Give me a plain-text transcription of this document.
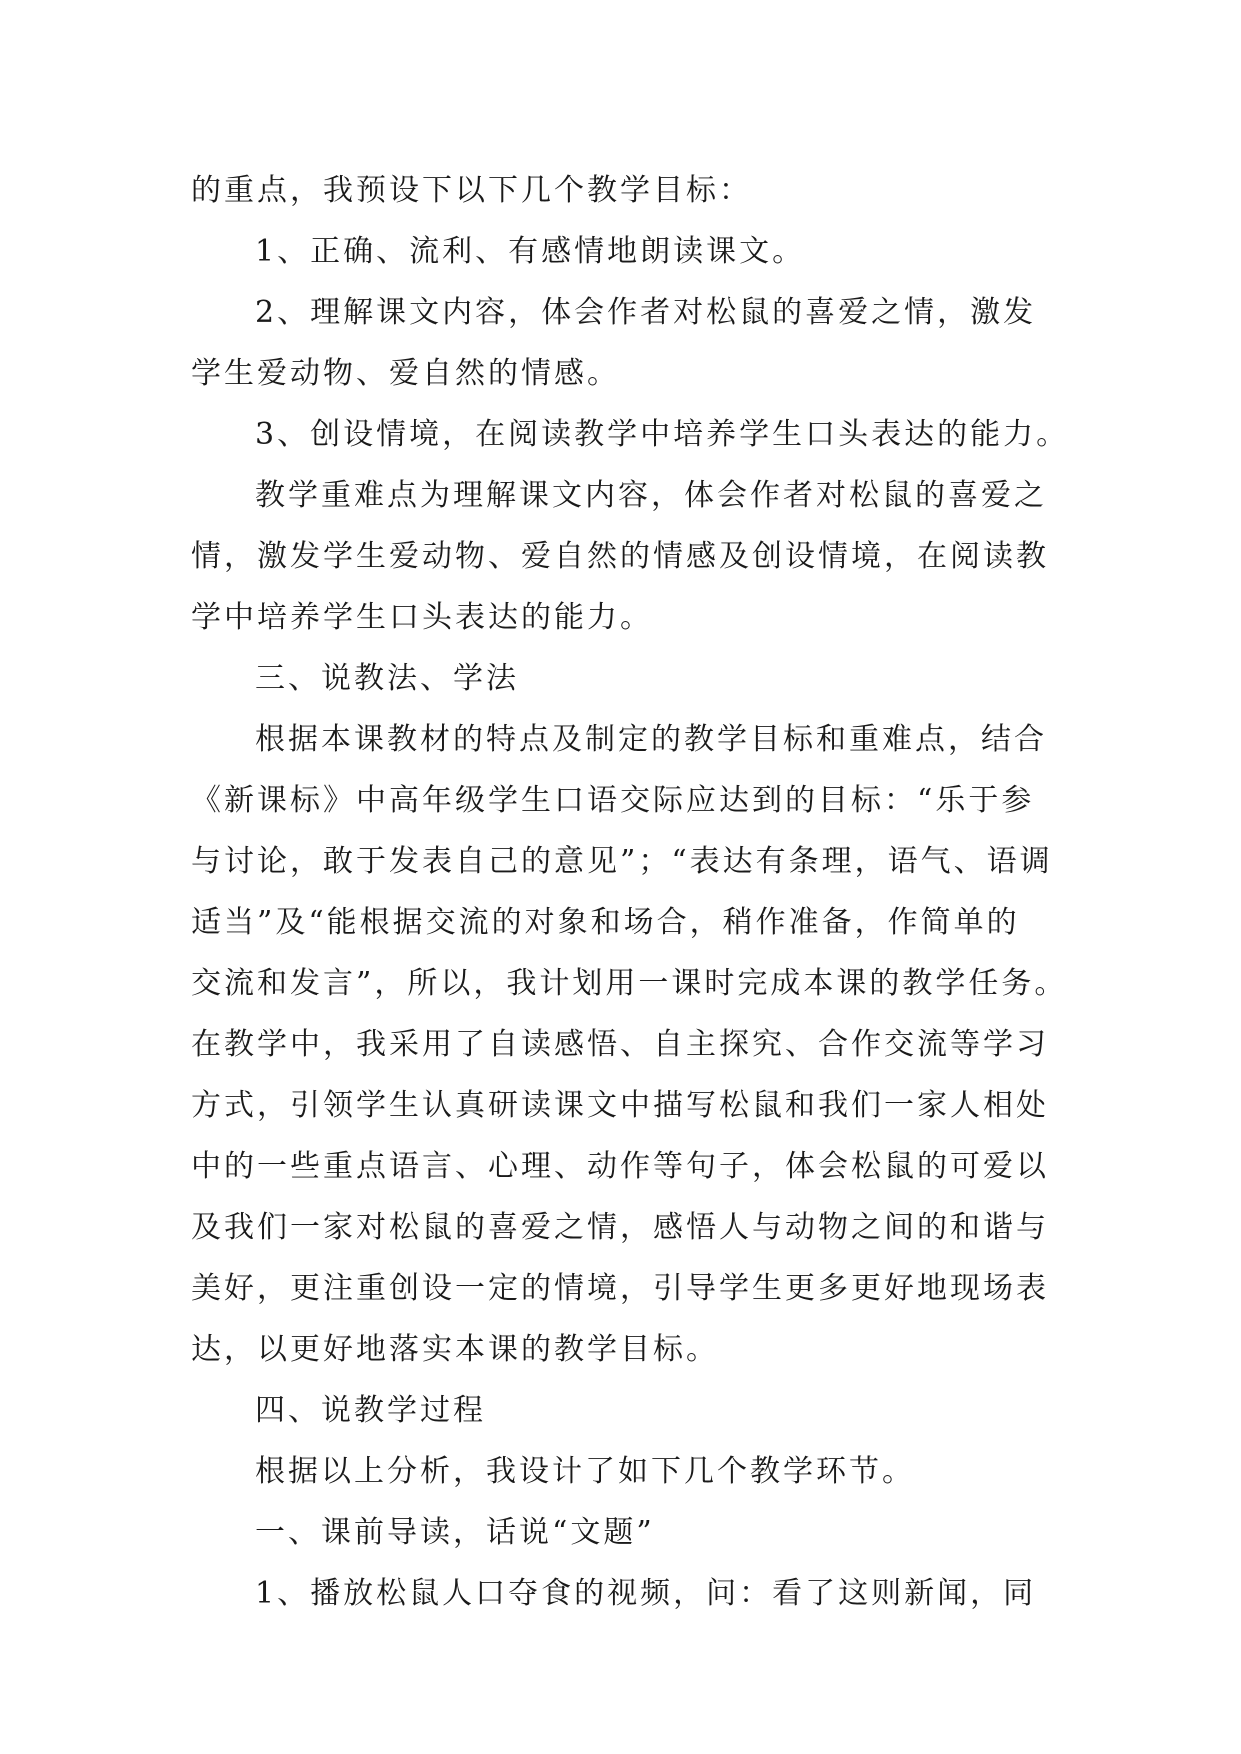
的重点，我预设下以下几个教学目标：
1、正确、流利、有感情地朗读课文。
2、理解课文内容，体会作者对松鼠的喜爱之情，激发
学生爱动物、爱自然的情感。
3、创设情境，在阅读教学中培养学生口头表达的能力。
教学重难点为理解课文内容，体会作者对松鼠的喜爱之
情，激发学生爱动物、爱自然的情感及创设情境，在阅读教
学中培养学生口头表达的能力。
三、说教法、学法
根据本课教材的特点及制定的教学目标和重难点，结合
《新课标》中高年级学生口语交际应达到的目标：“乐于参
与讨论，敢于发表自己的意见”；“表达有条理，语气、语调
适当”及“能根据交流的对象和场合，稍作准备，作简单的
交流和发言”，所以，我计划用一课时完成本课的教学任务。
在教学中，我采用了自读感悟、自主探究、合作交流等学习
方式，引领学生认真研读课文中描写松鼠和我们一家人相处
中的一些重点语言、心理、动作等句子，体会松鼠的可爱以
及我们一家对松鼠的喜爱之情，感悟人与动物之间的和谐与
美好，更注重创设一定的情境，引导学生更多更好地现场表
达，以更好地落实本课的教学目标。
四、说教学过程
根据以上分析，我设计了如下几个教学环节。
一、课前导读，话说“文题”
1、播放松鼠人口夺食的视频，问：看了这则新闻，同
